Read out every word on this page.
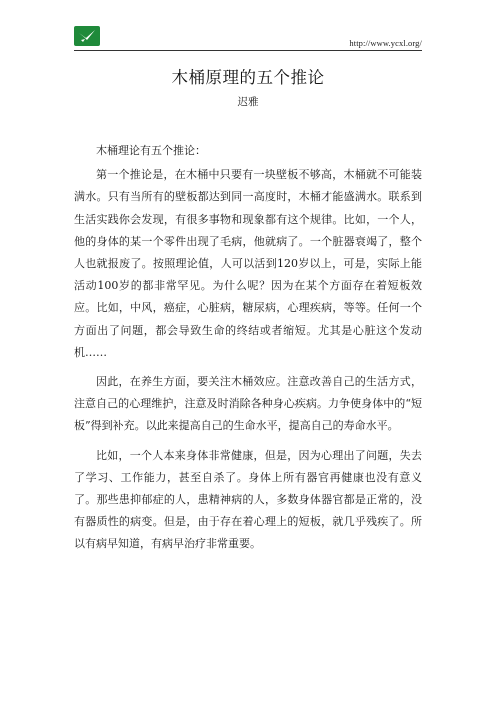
http://www.ycxl.org/
木桶原理的五个推论
迟雅

木桶理论有五个推论：

第一个推论是，在木桶中只要有一块壁板不够高，木桶就不可能装满水。只有当所有的壁板都达到同一高度时，木桶才能盛满水。联系到生活实践你会发现，有很多事物和现象都有这个规律。比如，一个人，他的身体的某一个零件出现了毛病，他就病了。一个脏器衰竭了，整个人也就报废了。按照理论值，人可以活到120岁以上，可是，实际上能活动100岁的都非常罕见。为什么呢？因为在某个方面存在着短板效应。比如，中风，癌症，心脏病，糖尿病，心理疾病，等等。任何一个方面出了问题，都会导致生命的终结或者缩短。尤其是心脏这个发动机……

因此，在养生方面，要关注木桶效应。注意改善自己的生活方式，注意自己的心理维护，注意及时消除各种身心疾病。力争使身体中的“短板”得到补充。以此来提高自己的生命水平，提高自己的寿命水平。

比如，一个人本来身体非常健康，但是，因为心理出了问题，失去了学习、工作能力，甚至自杀了。身体上所有器官再健康也没有意义了。那些患抑郁症的人，患精神病的人，多数身体器官都是正常的，没有器质性的病变。但是，由于存在着心理上的短板，就几乎残疾了。所以有病早知道，有病早治疗非常重要。
